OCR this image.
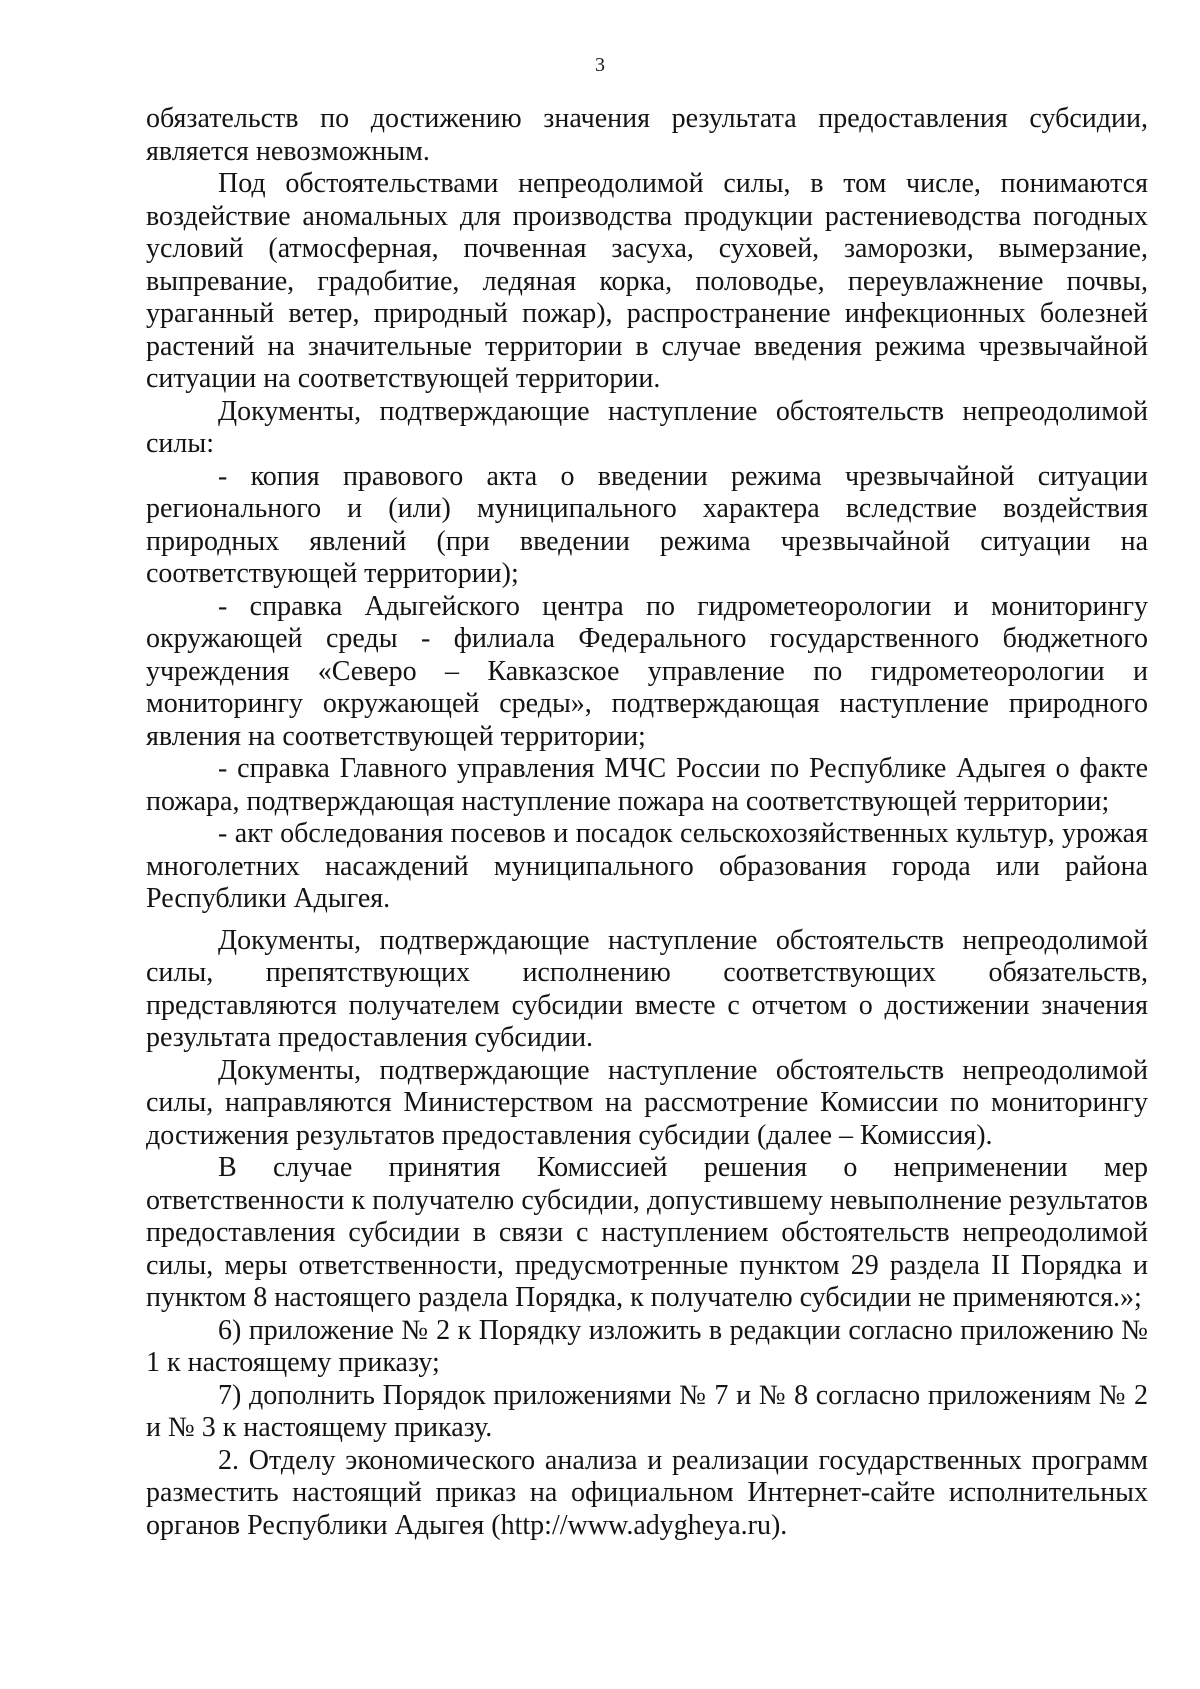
3

обязательств по достижению значения результата предоставления субсидии, является невозможным.

Под обстоятельствами непреодолимой силы, в том числе, понимаются воздействие аномальных для производства продукции растениеводства погодных условий (атмосферная, почвенная засуха, суховей, заморозки, вымерзание, выпревание, градобитие, ледяная корка, половодье, переувлажнение почвы, ураганный ветер, природный пожар), распространение инфекционных болезней растений на значительные территории в случае введения режима чрезвычайной ситуации на соответствующей территории.

Документы, подтверждающие наступление обстоятельств непреодолимой силы:

- копия правового акта о введении режима чрезвычайной ситуации регионального и (или) муниципального характера вследствие воздействия природных явлений (при введении режима чрезвычайной ситуации на соответствующей территории);

- справка Адыгейского центра по гидрометеорологии и мониторингу окружающей среды - филиала Федерального государственного бюджетного учреждения «Северо – Кавказское управление по гидрометеорологии и мониторингу окружающей среды», подтверждающая наступление природного явления на соответствующей территории;

- справка Главного управления МЧС России по Республике Адыгея о факте пожара, подтверждающая наступление пожара на соответствующей территории;

- акт обследования посевов и посадок сельскохозяйственных культур, урожая многолетних насаждений муниципального образования города или района Республики Адыгея.

Документы, подтверждающие наступление обстоятельств непреодолимой силы, препятствующих исполнению соответствующих обязательств, представляются получателем субсидии вместе с отчетом о достижении значения результата предоставления субсидии.

Документы, подтверждающие наступление обстоятельств непреодолимой силы, направляются Министерством на рассмотрение Комиссии по мониторингу достижения результатов предоставления субсидии (далее – Комиссия).

В случае принятия Комиссией решения о неприменении мер ответственности к получателю субсидии, допустившему невыполнение результатов предоставления субсидии в связи с наступлением обстоятельств непреодолимой силы, меры ответственности, предусмотренные пунктом 29 раздела II Порядка и пунктом 8 настоящего раздела Порядка, к получателю субсидии не применяются.»;

6) приложение № 2 к Порядку изложить в редакции согласно приложению № 1 к настоящему приказу;

7) дополнить Порядок приложениями № 7 и № 8 согласно приложениям № 2 и № 3 к настоящему приказу.

2. Отделу экономического анализа и реализации государственных программ разместить настоящий приказ на официальном Интернет-сайте исполнительных органов Республики Адыгея (http://www.adygheya.ru).
